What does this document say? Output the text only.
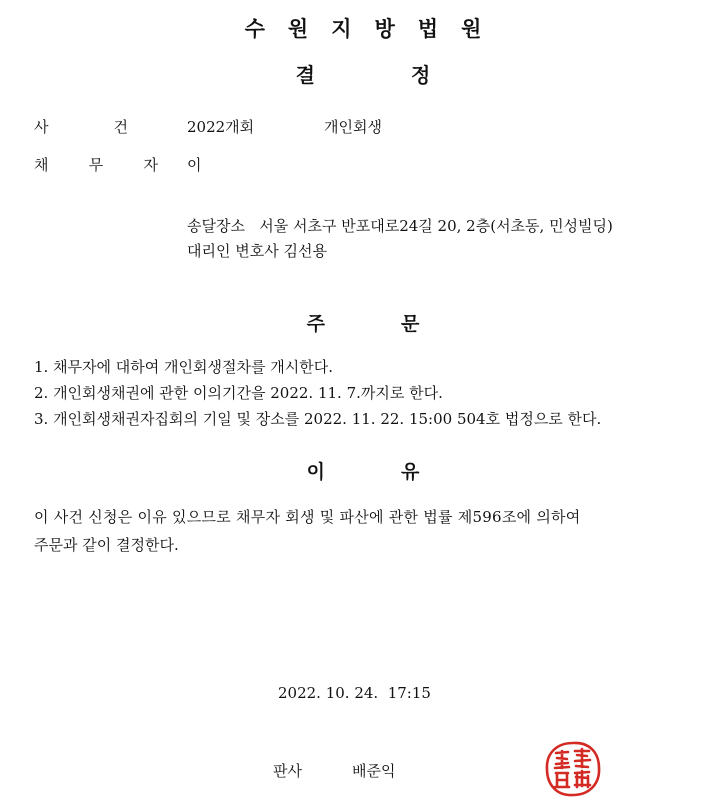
수원지방법원
결	정
사	건	2022개회	개인회생
채	무	자 이
송달장소   서울 서초구 반포대로24길 20, 2층(서초동, 민성빌딩)
대리인 변호사 김선용
주	문
1. 채무자에 대하여 개인회생절차를 개시한다.
2. 개인회생채권에 관한 이의기간을 2022. 11. 7.까지로 한다.
3. 개인회생채권자집회의 기일 및 장소를 2022. 11. 22. 15:00 504호 법정으로 한다.
이	유
이 사건 신청은 이유 있으므로 채무자 회생 및 파산에 관한 법률 제596조에 의하여
주문과 같이 결정한다.
2022. 10. 24.  17:15
판사	배준익
